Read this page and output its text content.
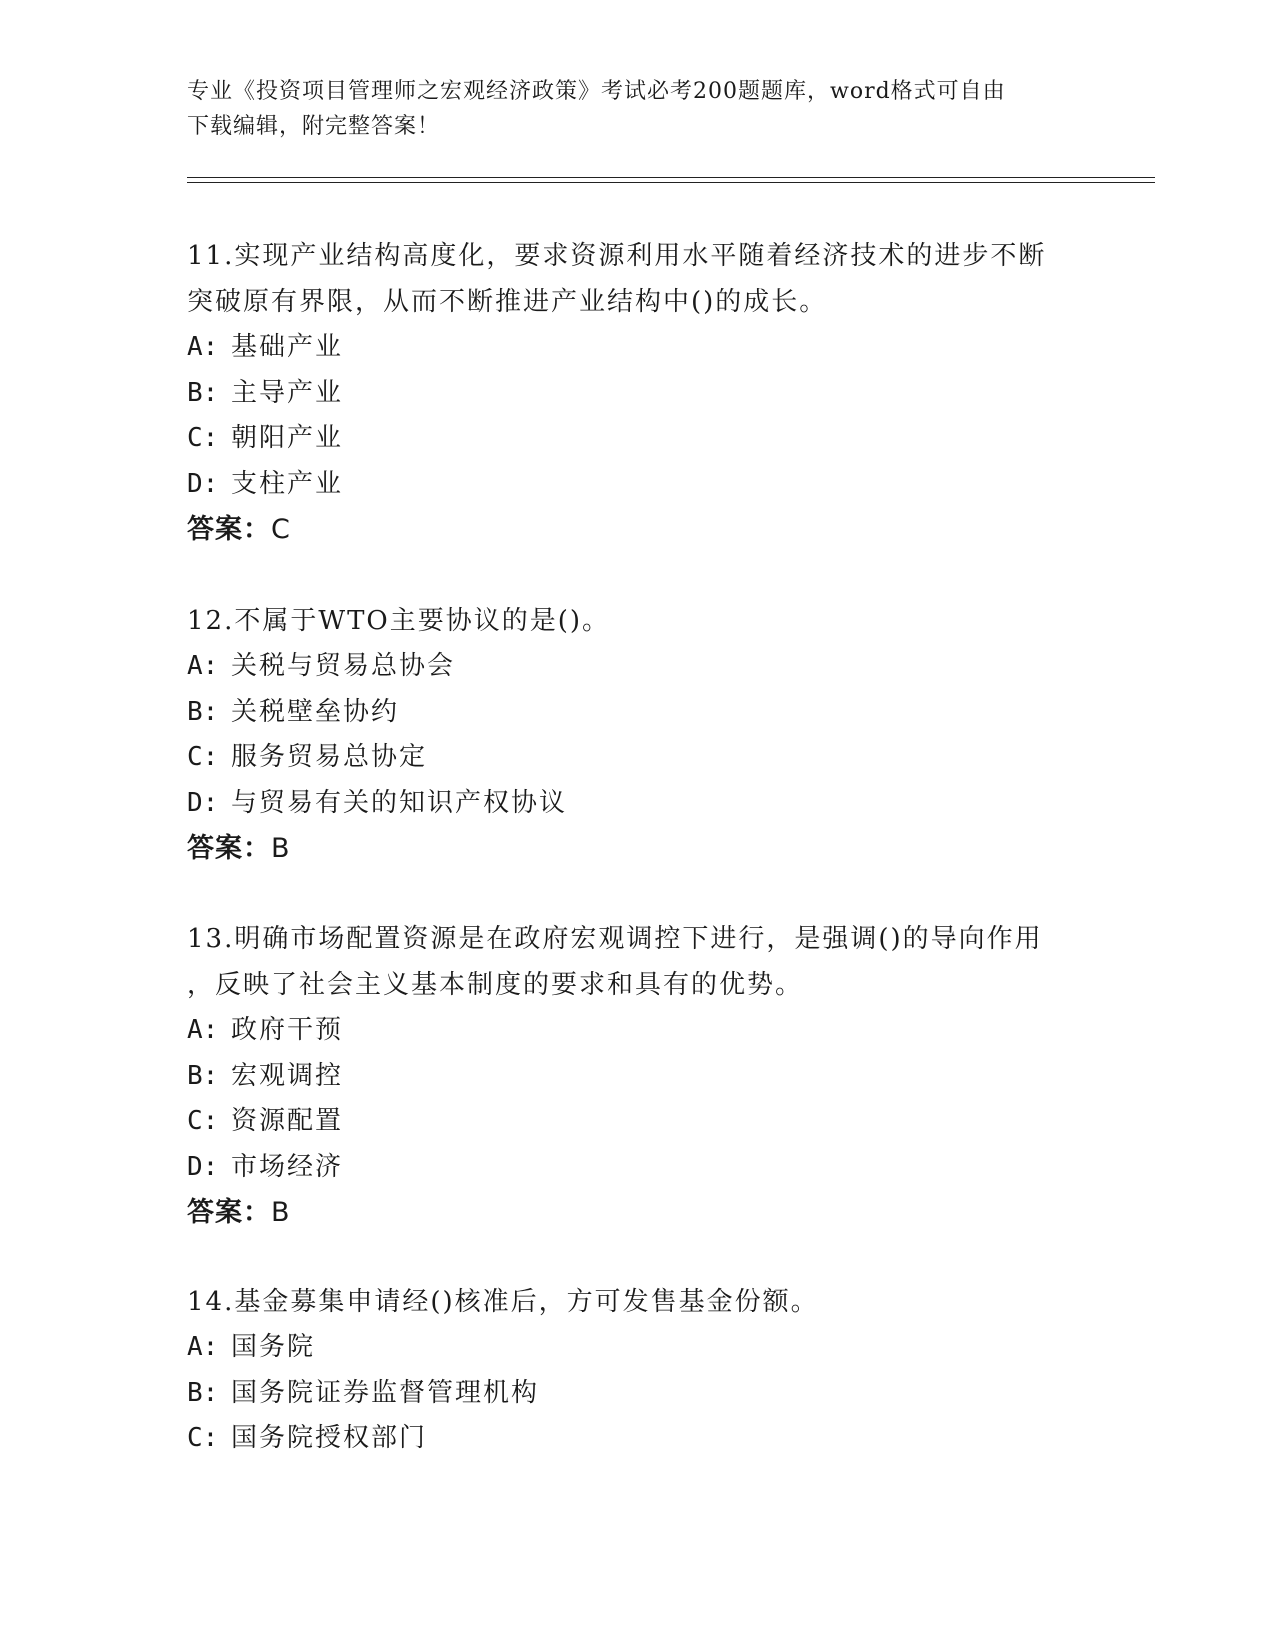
专业《投资项目管理师之宏观经济政策》考试必考200题题库，word格式可自由
下载编辑，附完整答案！

11.实现产业结构高度化，要求资源利用水平随着经济技术的进步不断

突破原有界限，从而不断推进产业结构中()的成长。

A: 基础产业

B: 主导产业

C: 朝阳产业

D: 支柱产业

答案：C

12.不属于WTO主要协议的是()。

A: 关税与贸易总协会

B: 关税壁垒协约

C: 服务贸易总协定

D: 与贸易有关的知识产权协议

答案：B

13.明确市场配置资源是在政府宏观调控下进行，是强调()的导向作用

，反映了社会主义基本制度的要求和具有的优势。

A: 政府干预

B: 宏观调控

C: 资源配置

D: 市场经济

答案：B

14.基金募集申请经()核准后，方可发售基金份额。

A: 国务院

B: 国务院证券监督管理机构

C: 国务院授权部门
